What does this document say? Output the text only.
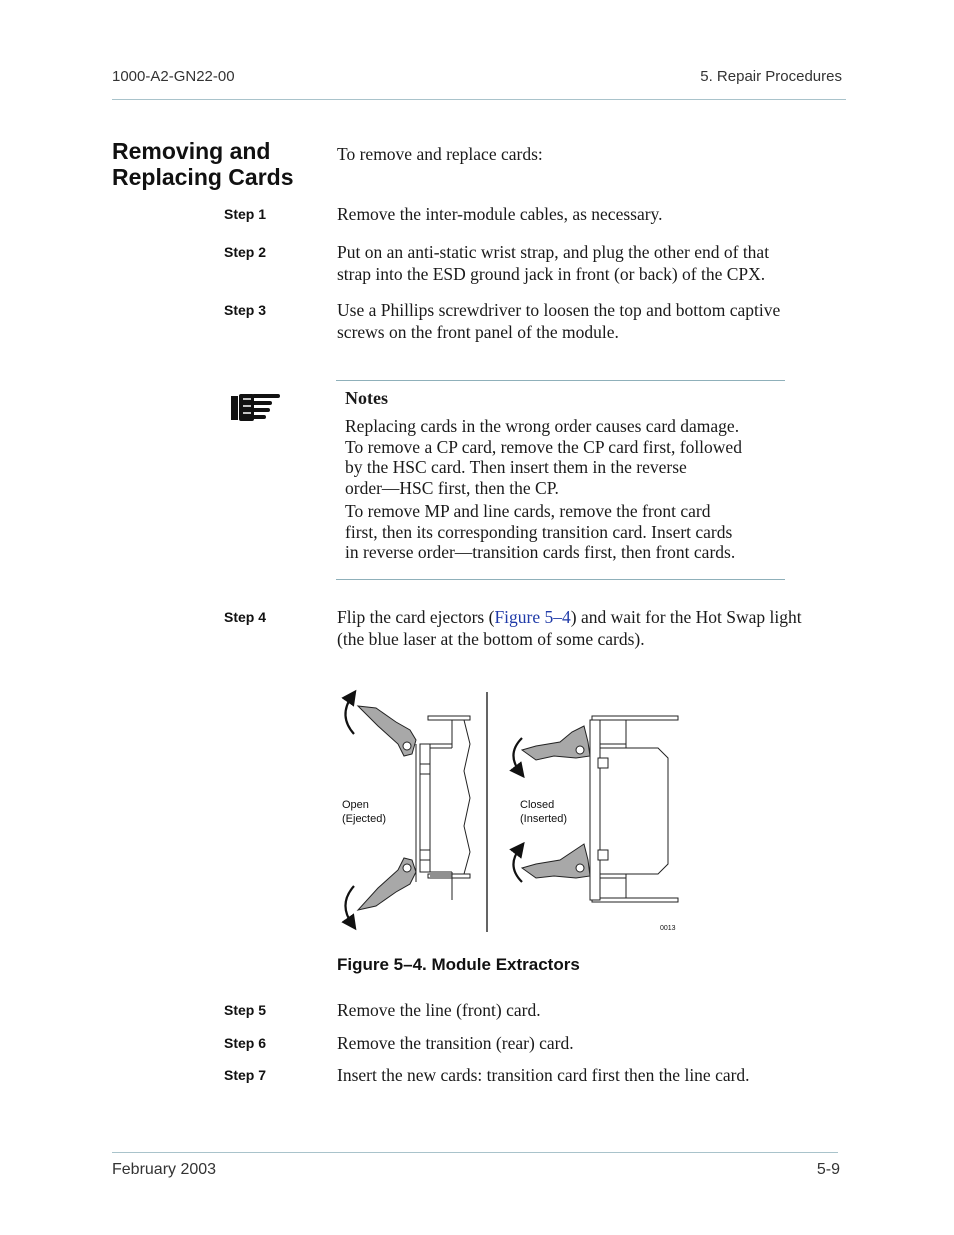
1000-A2-GN22-00	5. Repair Procedures
Removing and
Replacing Cards
To remove and replace cards:
Step 1	Remove the inter-module cables, as necessary.
Step 2	Put on an anti-static wrist strap, and plug the other end of that
strap into the ESD ground jack in front (or back) of the CPX.
Step 3	Use a Phillips screwdriver to loosen the top and bottom captive
screws on the front panel of the module.
Notes
Replacing cards in the wrong order causes card damage.
To remove a CP card, remove the CP card first, followed
by the HSC card. Then insert them in the reverse
order—HSC first, then the CP.
To remove MP and line cards, remove the front card
first, then its corresponding transition card. Insert cards
in reverse order—transition cards first, then front cards.
Step 4	Flip the card ejectors (Figure 5–4) and wait for the Hot Swap light
(the blue laser at the bottom of some cards).
Open
(Ejected)
Closed
(Inserted)
0013
Figure 5–4. Module Extractors
Step 5	Remove the line (front) card.
Step 6	Remove the transition (rear) card.
Step 7	Insert the new cards: transition card first then the line card.
February 2003	5-9
